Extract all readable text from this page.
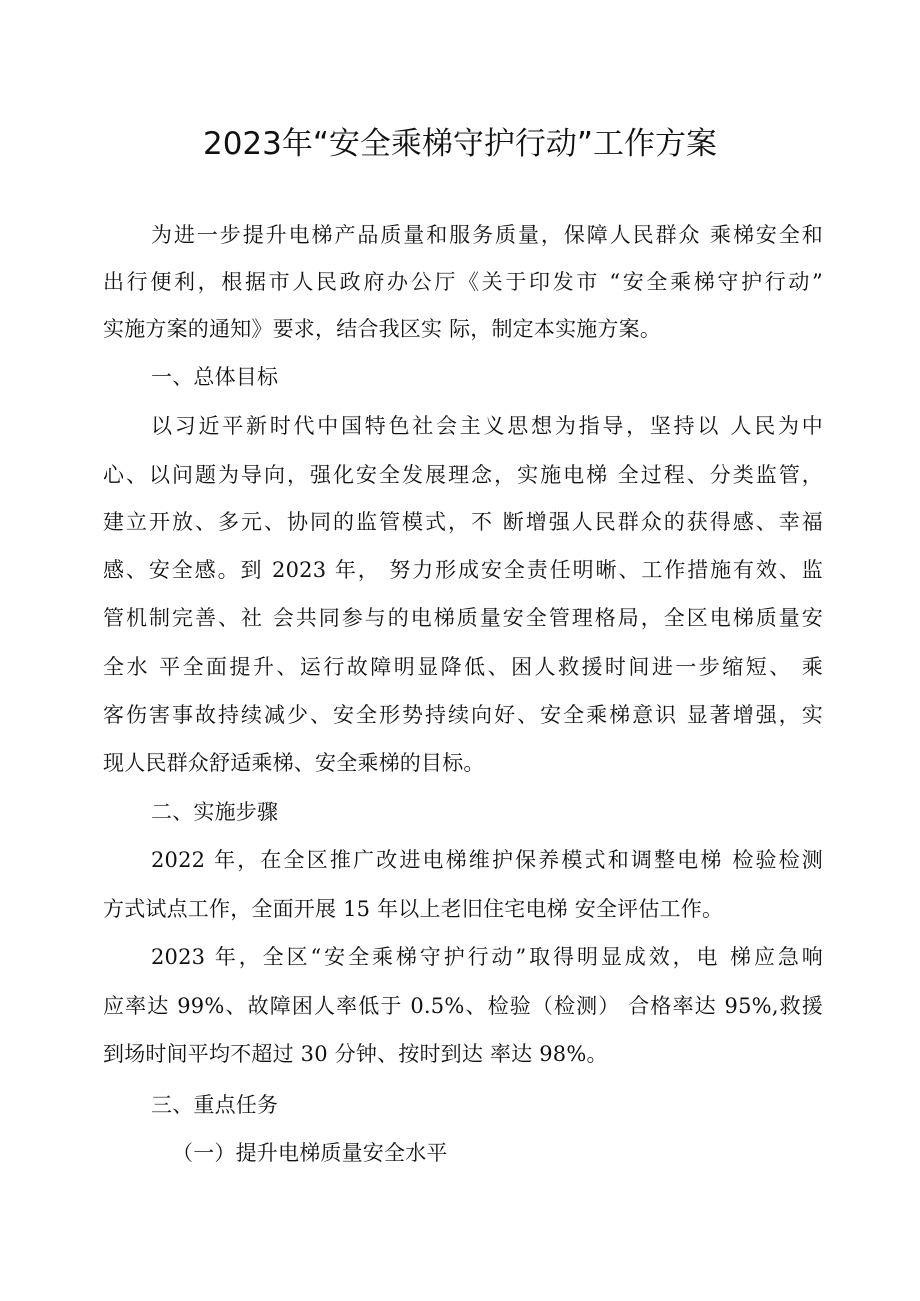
2023年“安全乘梯守护行动”工作方案
为进一步提升电梯产品质量和服务质量，保障人民群众 乘梯安全和
出行便利，根据市人民政府办公厅《关于印发市 “安全乘梯守护行动”
实施方案的通知》要求，结合我区实 际，制定本实施方案。
一、总体目标
以习近平新时代中国特色社会主义思想为指导，坚持以 人民为中
心、以问题为导向，强化安全发展理念，实施电梯 全过程、分类监管，
建立开放、多元、协同的监管模式，不 断增强人民群众的获得感、幸福
感、安全感。到 2023 年， 努力形成安全责任明晰、工作措施有效、监
管机制完善、社 会共同参与的电梯质量安全管理格局，全区电梯质量安
全水 平全面提升、运行故障明显降低、困人救援时间进一步缩短、 乘
客伤害事故持续减少、安全形势持续向好、安全乘梯意识 显著增强，实
现人民群众舒适乘梯、安全乘梯的目标。
二、实施步骤
2022 年，在全区推广改进电梯维护保养模式和调整电梯 检验检测
方式试点工作，全面开展 15 年以上老旧住宅电梯 安全评估工作。
2023 年，全区“安全乘梯守护行动”取得明显成效，电 梯应急响
应率达 99%、故障困人率低于 0.5%、检验（检测） 合格率达 95%,救援
到场时间平均不超过 30 分钟、按时到达 率达 98%。
三、重点任务
（一）提升电梯质量安全水平
